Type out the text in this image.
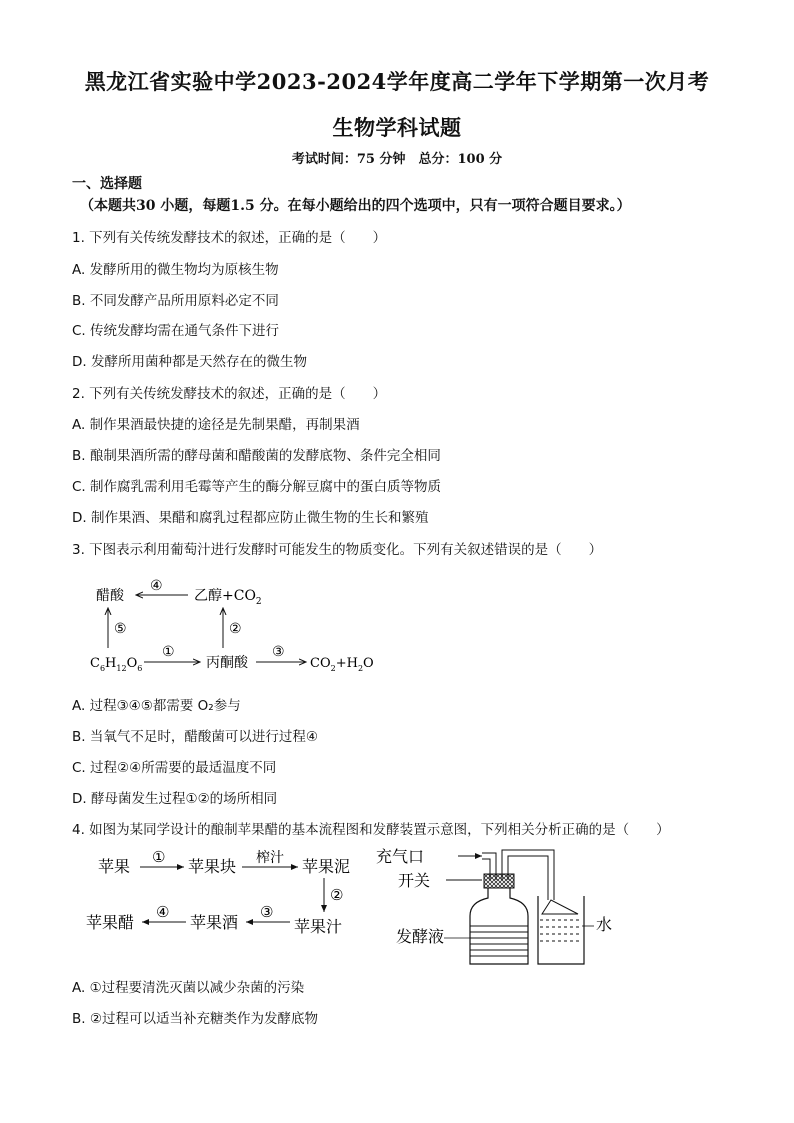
黑龙江省实验中学2023-2024学年度高二学年下学期第一次月考
生物学科试题
考试时间：75 分钟　总分：100 分
一、选择题
（本题共30 小题，每题1.5 分。在每小题给出的四个选项中，只有一项符合题目要求。）
1. 下列有关传统发酵技术的叙述，正确的是（　　）
A. 发酵所用的微生物均为原核生物
B. 不同发酵产品所用原料必定不同
C. 传统发酵均需在通气条件下进行
D. 发酵所用菌种都是天然存在的微生物
2. 下列有关传统发酵技术的叙述，正确的是（　　）
A. 制作果酒最快捷的途径是先制果醋，再制果酒
B. 酿制果酒所需的酵母菌和醋酸菌的发酵底物、条件完全相同
C. 制作腐乳需利用毛霉等产生的酶分解豆腐中的蛋白质等物质
D. 制作果酒、果醋和腐乳过程都应防止微生物的生长和繁殖
3. 下图表示利用葡萄汁进行发酵时可能发生的物质变化。下列有关叙述错误的是（　　）
醋酸	乙醇$+CO_2$
$C_6H_{12}O_6$	丙酮酸	$CO_2+H_2O$
④
①	③
⑤	②
A. 过程③④⑤都需要 O₂参与
B. 当氧气不足时，醋酸菌可以进行过程④
C. 过程②④所需要的最适温度不同
D. 酵母菌发生过程①②的场所相同
4. 如图为某同学设计的酿制苹果醋的基本流程图和发酵装置示意图，下列相关分析正确的是（　　）
苹果	苹果块	苹果泥
苹果汁
苹果酒
苹果醋
①	榨汁
②
③
④
充气口
开关
发酵液
水
A. ①过程要清洗灭菌以减少杂菌的污染
B. ②过程可以适当补充糖类作为发酵底物
